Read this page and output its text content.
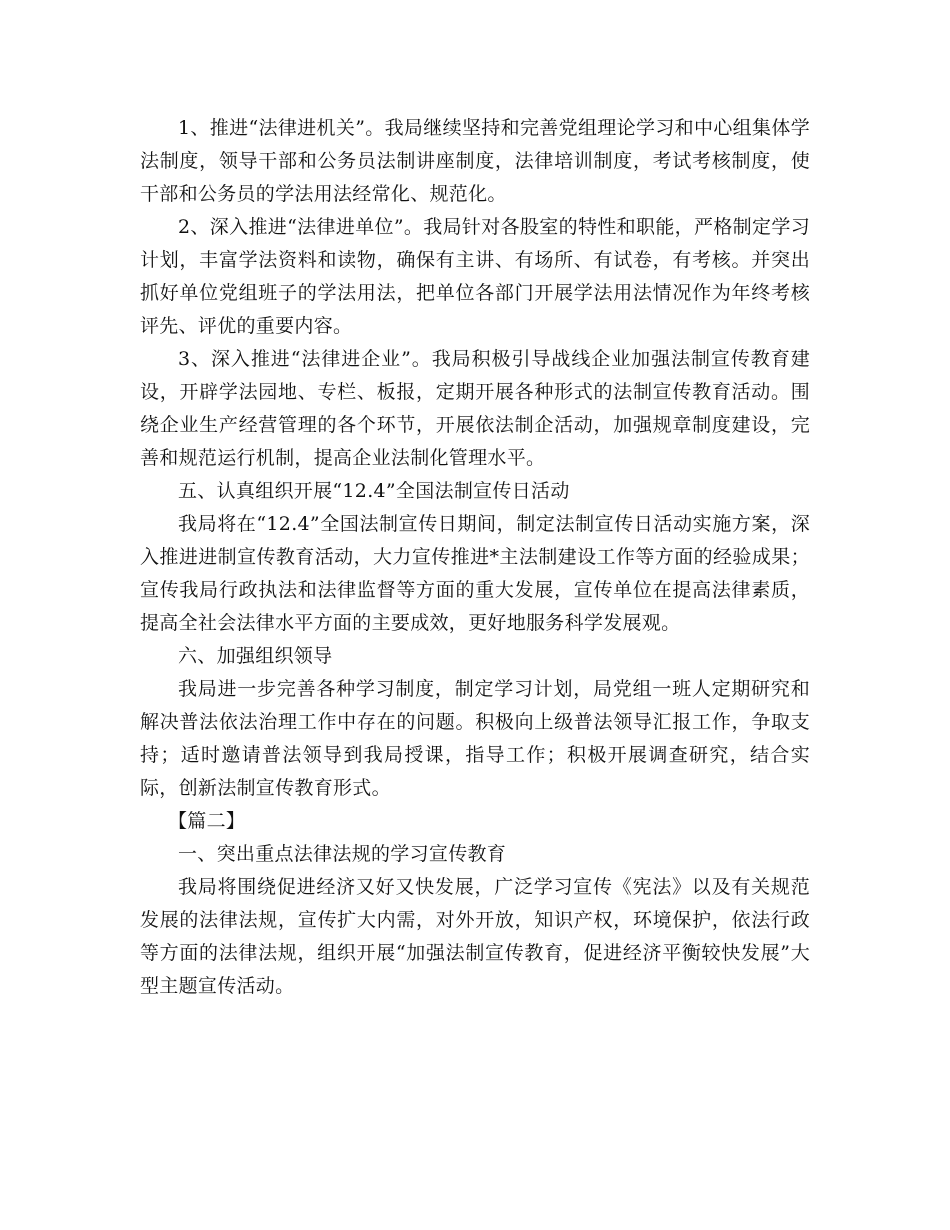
1、推进“法律进机关”。我局继续坚持和完善党组理论学习和中心组集体学法制度，领导干部和公务员法制讲座制度，法律培训制度，考试考核制度，使干部和公务员的学法用法经常化、规范化。

2、深入推进“法律进单位”。我局针对各股室的特性和职能，严格制定学习计划，丰富学法资料和读物，确保有主讲、有场所、有试卷，有考核。并突出抓好单位党组班子的学法用法，把单位各部门开展学法用法情况作为年终考核评先、评优的重要内容。

3、深入推进“法律进企业”。我局积极引导战线企业加强法制宣传教育建设，开辟学法园地、专栏、板报，定期开展各种形式的法制宣传教育活动。围绕企业生产经营管理的各个环节，开展依法制企活动，加强规章制度建设，完善和规范运行机制，提高企业法制化管理水平。

五、认真组织开展“12.4”全国法制宣传日活动

我局将在“12.4”全国法制宣传日期间，制定法制宣传日活动实施方案，深入推进进制宣传教育活动，大力宣传推进*主法制建设工作等方面的经验成果；宣传我局行政执法和法律监督等方面的重大发展，宣传单位在提高法律素质，提高全社会法律水平方面的主要成效，更好地服务科学发展观。

六、加强组织领导

我局进一步完善各种学习制度，制定学习计划，局党组一班人定期研究和解决普法依法治理工作中存在的问题。积极向上级普法领导汇报工作，争取支持；适时邀请普法领导到我局授课，指导工作；积极开展调查研究，结合实际，创新法制宣传教育形式。

【篇二】

一、突出重点法律法规的学习宣传教育

我局将围绕促进经济又好又快发展，广泛学习宣传《宪法》以及有关规范发展的法律法规，宣传扩大内需，对外开放，知识产权，环境保护，依法行政等方面的法律法规，组织开展“加强法制宣传教育，促进经济平衡较快发展”大型主题宣传活动。
